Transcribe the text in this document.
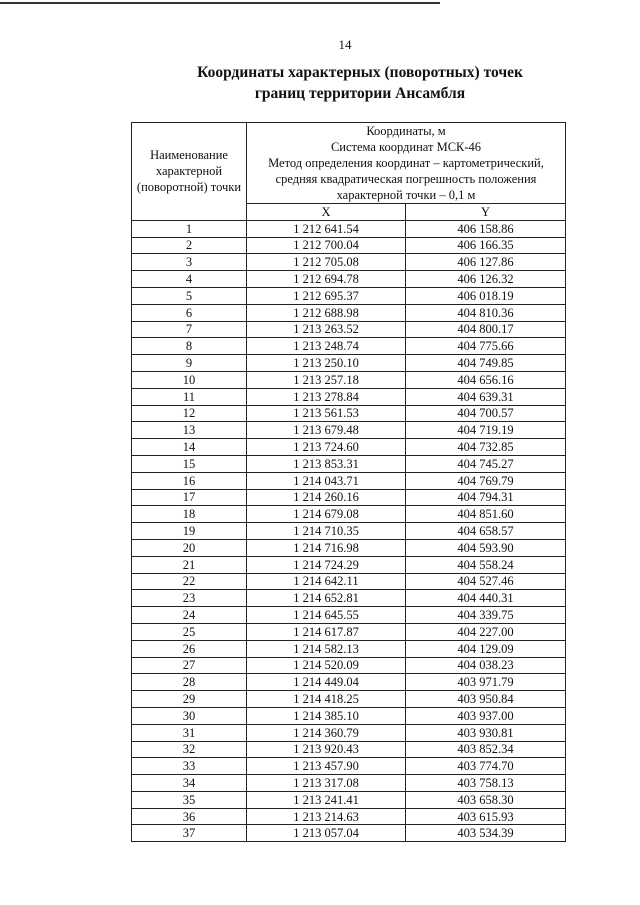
14
Координаты характерных (поворотных) точек
границ территории Ансамбля
Наименование характерной (поворотной) точки	Координаты, м
Система координат МСК-46
Метод определения координат – картометрический,
средняя квадратическая погрешность положения
характерной точки – 0,1 м	

	X	Y
1	1 212 641.54	406 158.86
2	1 212 700.04	406 166.35
3	1 212 705.08	406 127.86
4	1 212 694.78	406 126.32
5	1 212 695.37	406 018.19
6	1 212 688.98	404 810.36
7	1 213 263.52	404 800.17
8	1 213 248.74	404 775.66
9	1 213 250.10	404 749.85
10	1 213 257.18	404 656.16
11	1 213 278.84	404 639.31
12	1 213 561.53	404 700.57
13	1 213 679.48	404 719.19
14	1 213 724.60	404 732.85
15	1 213 853.31	404 745.27
16	1 214 043.71	404 769.79
17	1 214 260.16	404 794.31
18	1 214 679.08	404 851.60
19	1 214 710.35	404 658.57
20	1 214 716.98	404 593.90
21	1 214 724.29	404 558.24
22	1 214 642.11	404 527.46
23	1 214 652.81	404 440.31
24	1 214 645.55	404 339.75
25	1 214 617.87	404 227.00
26	1 214 582.13	404 129.09
27	1 214 520.09	404 038.23
28	1 214 449.04	403 971.79
29	1 214 418.25	403 950.84
30	1 214 385.10	403 937.00
31	1 214 360.79	403 930.81
32	1 213 920.43	403 852.34
33	1 213 457.90	403 774.70
34	1 213 317.08	403 758.13
35	1 213 241.41	403 658.30
36	1 213 214.63	403 615.93
37	1 213 057.04	403 534.39
